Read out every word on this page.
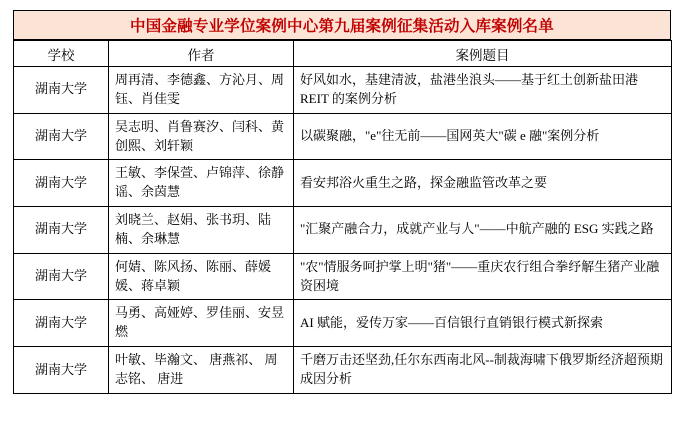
中国金融专业学位案例中心第九届案例征集活动入库案例名单
学校	作者	案例题目
湖南大学	周再清、李德鑫、方沁月、周钰、肖佳雯	好风如水，基建清波，盐港坐浪头——基于红土创新盐田港 REIT 的案例分析
湖南大学	吴志明、肖鲁赛汐、闫科、黄创熙、刘轩颖	以碳聚融，"e"往无前——国网英大"碳 e 融"案例分析
湖南大学	王敏、李保萱、卢锦萍、徐静谣、余茵慧	看安邦浴火重生之路，探金融监管改革之要
湖南大学	刘晓兰、赵娟、张书玥、陆楠、余琳慧	"汇聚产融合力，成就产业与人"——中航产融的 ESG 实践之路
湖南大学	何婧、陈风扬、陈丽、薛媛媛、蒋卓颖	"农"情服务呵护掌上明"猪"——重庆农行组合拳纾解生猪产业融资困境
湖南大学	马勇、高娅婷、罗佳丽、安昱燃	AI 赋能，爱传万家——百信银行直销银行模式新探索
湖南大学	叶敏、毕瀚文、 唐燕祁、 周志铭、 唐进	千磨万击还坚劲,任尔东西南北风--制裁海啸下俄罗斯经济超预期成因分析
